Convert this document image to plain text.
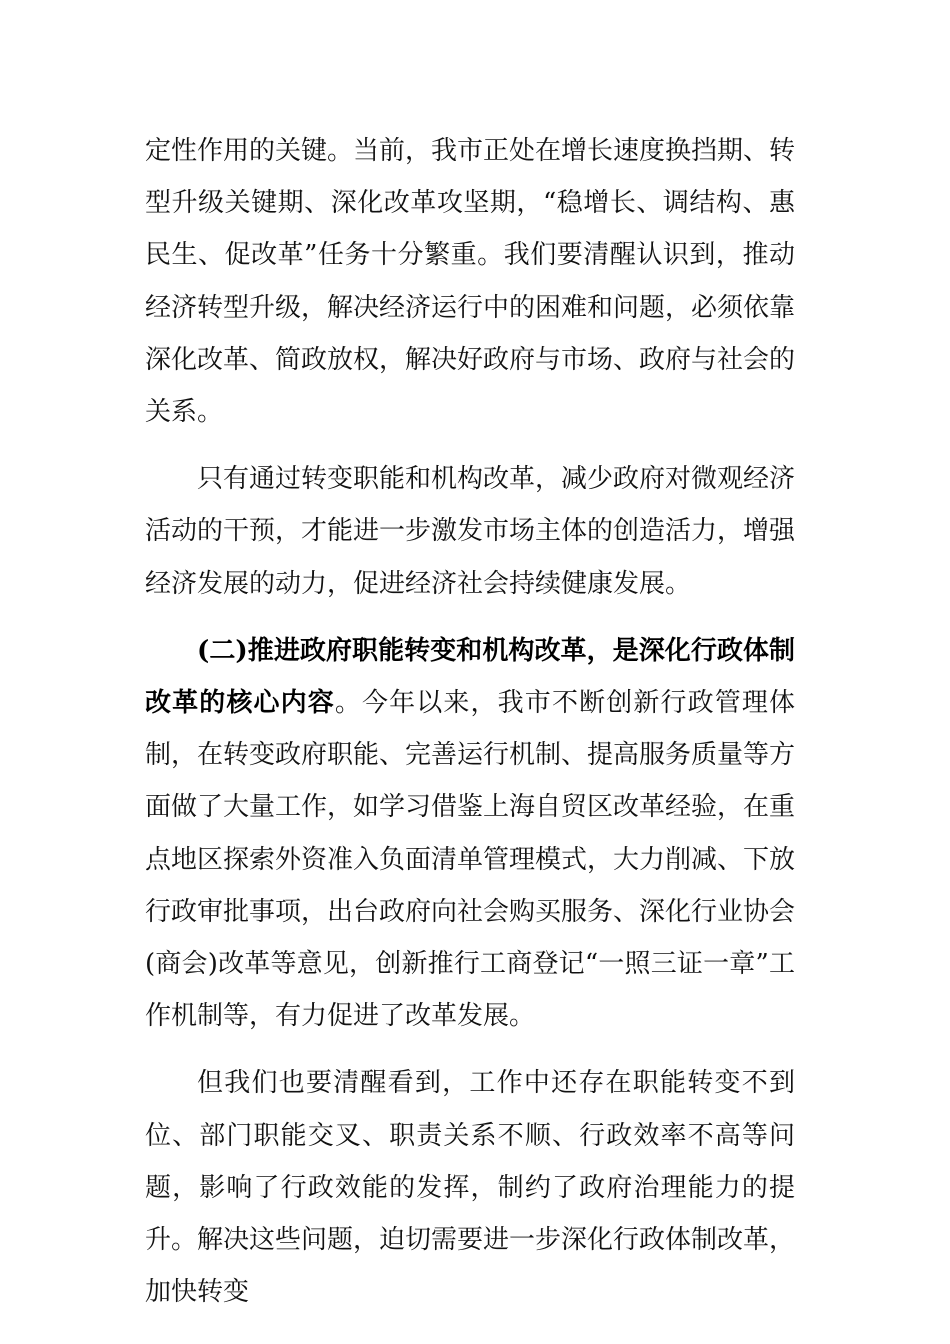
定性作用的关键。当前，我市正处在增长速度换挡期、转型升级关键期、深化改革攻坚期，“稳增长、调结构、惠民生、促改革”任务十分繁重。我们要清醒认识到，推动经济转型升级，解决经济运行中的困难和问题，必须依靠深化改革、简政放权，解决好政府与市场、政府与社会的关系。

只有通过转变职能和机构改革，减少政府对微观经济活动的干预，才能进一步激发市场主体的创造活力，增强经济发展的动力，促进经济社会持续健康发展。

(二)推进政府职能转变和机构改革，是深化行政体制改革的核心内容。今年以来，我市不断创新行政管理体制，在转变政府职能、完善运行机制、提高服务质量等方面做了大量工作，如学习借鉴上海自贸区改革经验，在重点地区探索外资准入负面清单管理模式，大力削减、下放行政审批事项，出台政府向社会购买服务、深化行业协会(商会)改革等意见，创新推行工商登记“一照三证一章”工作机制等，有力促进了改革发展。

但我们也要清醒看到，工作中还存在职能转变不到位、部门职能交叉、职责关系不顺、行政效率不高等问题，影响了行政效能的发挥，制约了政府治理能力的提升。解决这些问题，迫切需要进一步深化行政体制改革，加快转变
